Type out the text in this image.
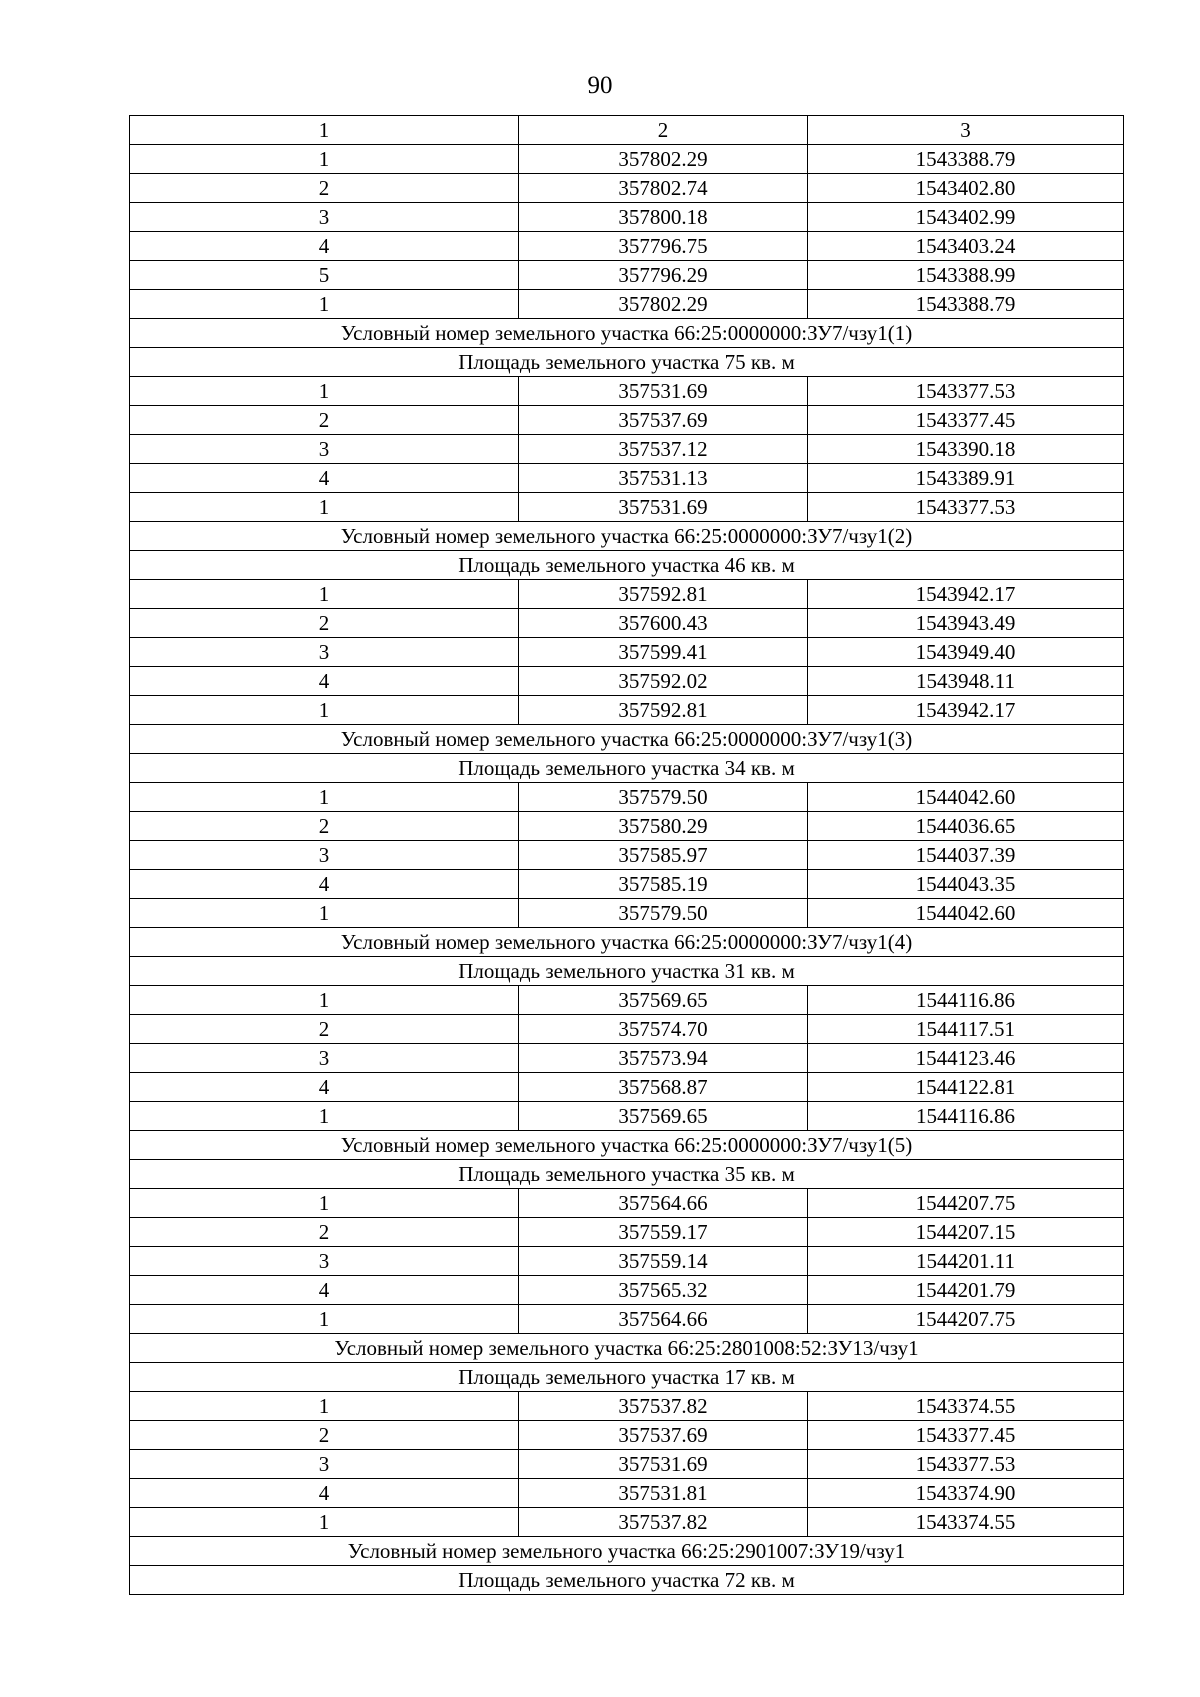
90
1	2	3
1	357802.29	1543388.79
2	357802.74	1543402.80
3	357800.18	1543402.99
4	357796.75	1543403.24
5	357796.29	1543388.99
1	357802.29	1543388.79
Условный номер земельного участка 66:25:0000000:ЗУ7/чзу1(1)		
Площадь земельного участка 75 кв. м		
1	357531.69	1543377.53
2	357537.69	1543377.45
3	357537.12	1543390.18
4	357531.13	1543389.91
1	357531.69	1543377.53
Условный номер земельного участка 66:25:0000000:ЗУ7/чзу1(2)		
Площадь земельного участка 46 кв. м		
1	357592.81	1543942.17
2	357600.43	1543943.49
3	357599.41	1543949.40
4	357592.02	1543948.11
1	357592.81	1543942.17
Условный номер земельного участка 66:25:0000000:ЗУ7/чзу1(3)		
Площадь земельного участка 34 кв. м		
1	357579.50	1544042.60
2	357580.29	1544036.65
3	357585.97	1544037.39
4	357585.19	1544043.35
1	357579.50	1544042.60
Условный номер земельного участка 66:25:0000000:ЗУ7/чзу1(4)		
Площадь земельного участка 31 кв. м		
1	357569.65	1544116.86
2	357574.70	1544117.51
3	357573.94	1544123.46
4	357568.87	1544122.81
1	357569.65	1544116.86
Условный номер земельного участка 66:25:0000000:ЗУ7/чзу1(5)		
Площадь земельного участка 35 кв. м		
1	357564.66	1544207.75
2	357559.17	1544207.15
3	357559.14	1544201.11
4	357565.32	1544201.79
1	357564.66	1544207.75
Условный номер земельного участка 66:25:2801008:52:ЗУ13/чзу1		
Площадь земельного участка 17 кв. м		
1	357537.82	1543374.55
2	357537.69	1543377.45
3	357531.69	1543377.53
4	357531.81	1543374.90
1	357537.82	1543374.55
Условный номер земельного участка 66:25:2901007:ЗУ19/чзу1		
Площадь земельного участка 72 кв. м		
